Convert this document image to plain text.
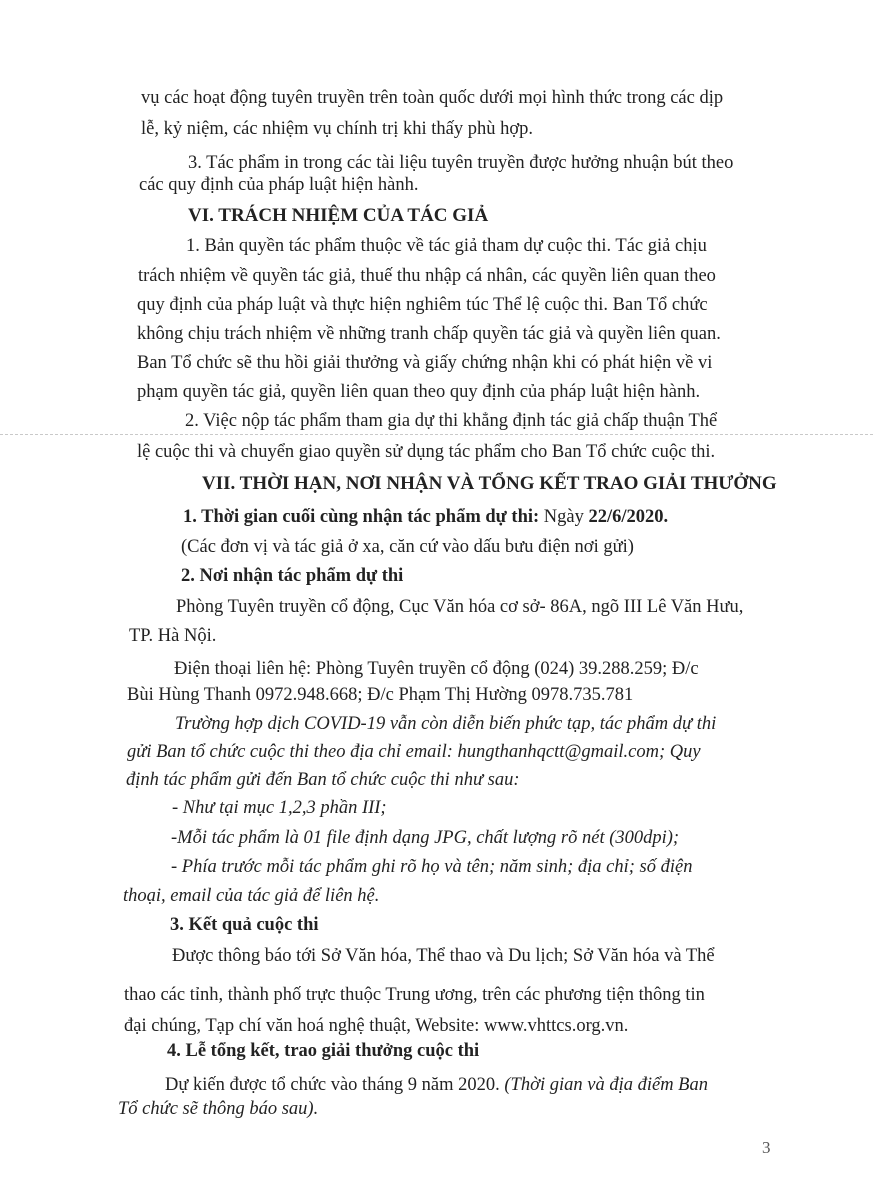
vụ các hoạt động tuyên truyền trên toàn quốc dưới mọi hình thức trong các dịp
lễ, kỷ niệm, các nhiệm vụ chính trị khi thấy phù hợp.
3. Tác phẩm in trong các tài liệu tuyên truyền được hưởng nhuận bút theo
các quy định của pháp luật hiện hành.
VI. TRÁCH NHIỆM CỦA TÁC GIẢ
1. Bản quyền tác phẩm thuộc về tác giả tham dự cuộc thi. Tác giả chịu
trách nhiệm về quyền tác giả, thuế thu nhập cá nhân, các quyền liên quan theo
quy định của pháp luật và thực hiện nghiêm túc Thể lệ cuộc thi. Ban Tổ chức
không chịu trách nhiệm về những tranh chấp quyền tác giả và quyền liên quan.
Ban Tổ chức sẽ thu hồi giải thưởng và giấy chứng nhận khi có phát hiện về vi
phạm quyền tác giả, quyền liên quan theo quy định của pháp luật hiện hành.
2. Việc nộp tác phẩm tham gia dự thi khẳng định tác giả chấp thuận Thể
lệ cuộc thi và chuyển giao quyền sử dụng tác phẩm cho Ban Tổ chức cuộc thi.
VII. THỜI HẠN, NƠI NHẬN VÀ TỔNG KẾT TRAO GIẢI THƯỞNG
1. Thời gian cuối cùng nhận tác phẩm dự thi: Ngày 22/6/2020.
(Các đơn vị và tác giả ở xa, căn cứ vào dấu bưu điện nơi gửi)
2. Nơi nhận tác phẩm dự thi
Phòng Tuyên truyền cổ động, Cục Văn hóa cơ sở- 86A, ngõ III Lê Văn Hưu,
TP. Hà Nội.
Điện thoại liên hệ: Phòng Tuyên truyền cổ động (024) 39.288.259; Đ/c
Bùi Hùng Thanh 0972.948.668; Đ/c Phạm Thị Hường 0978.735.781
Trường hợp dịch COVID-19 vẫn còn diễn biến phức tạp, tác phẩm dự thi
gửi Ban tổ chức cuộc thi theo địa chỉ email: hungthanhqctt@gmail.com; Quy
định tác phẩm gửi đến Ban tổ chức cuộc thi như sau:
- Như tại mục 1,2,3 phần III;
-Mỗi tác phẩm là 01 file định dạng JPG, chất lượng rõ nét (300dpi);
- Phía trước mỗi tác phẩm ghi rõ họ và tên; năm sinh; địa chỉ; số điện
thoại, email của tác giả để liên hệ.
3. Kết quả cuộc thi
Được thông báo tới Sở Văn hóa, Thể thao và Du lịch; Sở Văn hóa và Thể
thao các tỉnh, thành phố trực thuộc Trung ương, trên các phương tiện thông tin
đại chúng, Tạp chí văn hoá nghệ thuật, Website: www.vhttcs.org.vn.
4. Lễ tổng kết, trao giải thưởng cuộc thi
Dự kiến được tổ chức vào tháng 9 năm 2020. (Thời gian và địa điểm Ban
Tổ chức sẽ thông báo sau).
3
